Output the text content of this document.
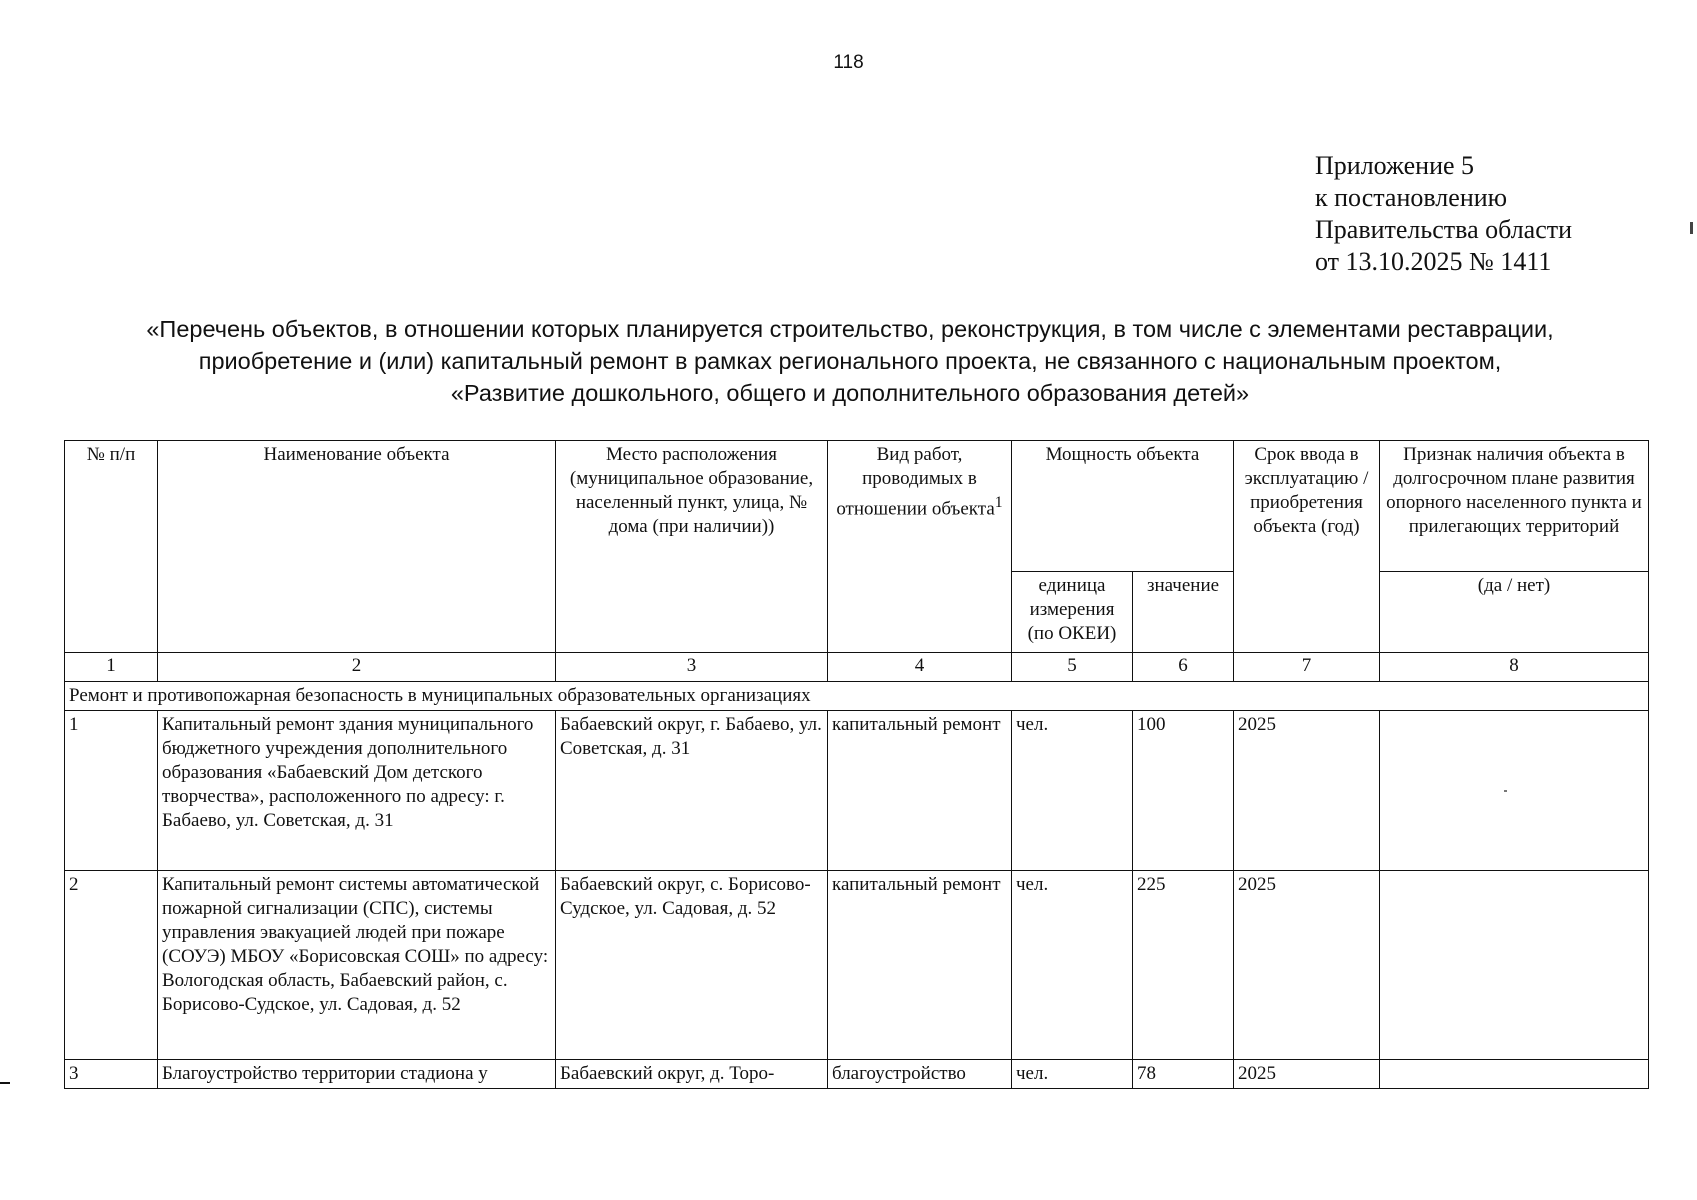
118
Приложение 5
к постановлению
Правительства области
от 13.10.2025 № 1411
«Перечень объектов, в отношении которых планируется строительство, реконструкция, в том числе с элементами реставрации,
приобретение и (или) капитальный ремонт в рамках регионального проекта, не связанного с национальным проектом,
«Развитие дошкольного, общего и дополнительного образования детей»
№ п/п	Наименование объекта	Место расположения (муниципальное образование, населенный пункт, улица, № дома (при наличии))	Вид работ, проводимых в отношении объекта$^1$	Мощность объекта		Срок ввода в эксплуатацию / приобретения объекта (год)	Признак наличия объекта в долгосрочном плане развития опорного населенного пункта и прилегающих территорий
				единица измерения (по ОКЕИ)	значение		(да / нет)
1	2	3	4	5	6	7	8
Ремонт и противопожарная безопасность в муниципальных образовательных организациях							
1	Капитальный ремонт здания муниципального бюджетного учреждения дополнительного образования «Бабаевский Дом детского творчества», расположенного по адресу: г. Бабаево, ул. Советская, д. 31	Бабаевский округ, г. Бабаево, ул. Советская, д. 31	капитальный ремонт	чел.	100	2025	
2	Капитальный ремонт системы автоматической пожарной сигнализации (СПС), системы управления эвакуацией людей при пожаре (СОУЭ) МБОУ «Борисовская СОШ» по адресу: Вологодская область, Бабаевский район, с. Борисово-Судское, ул. Садовая, д. 52	Бабаевский округ, с. Борисово-Судское, ул. Садовая, д. 52	капитальный ремонт	чел.	225	2025	
3	Благоустройство территории стадиона у	Бабаевский округ, д. Торо-	благоустройство	чел.	78	2025	
